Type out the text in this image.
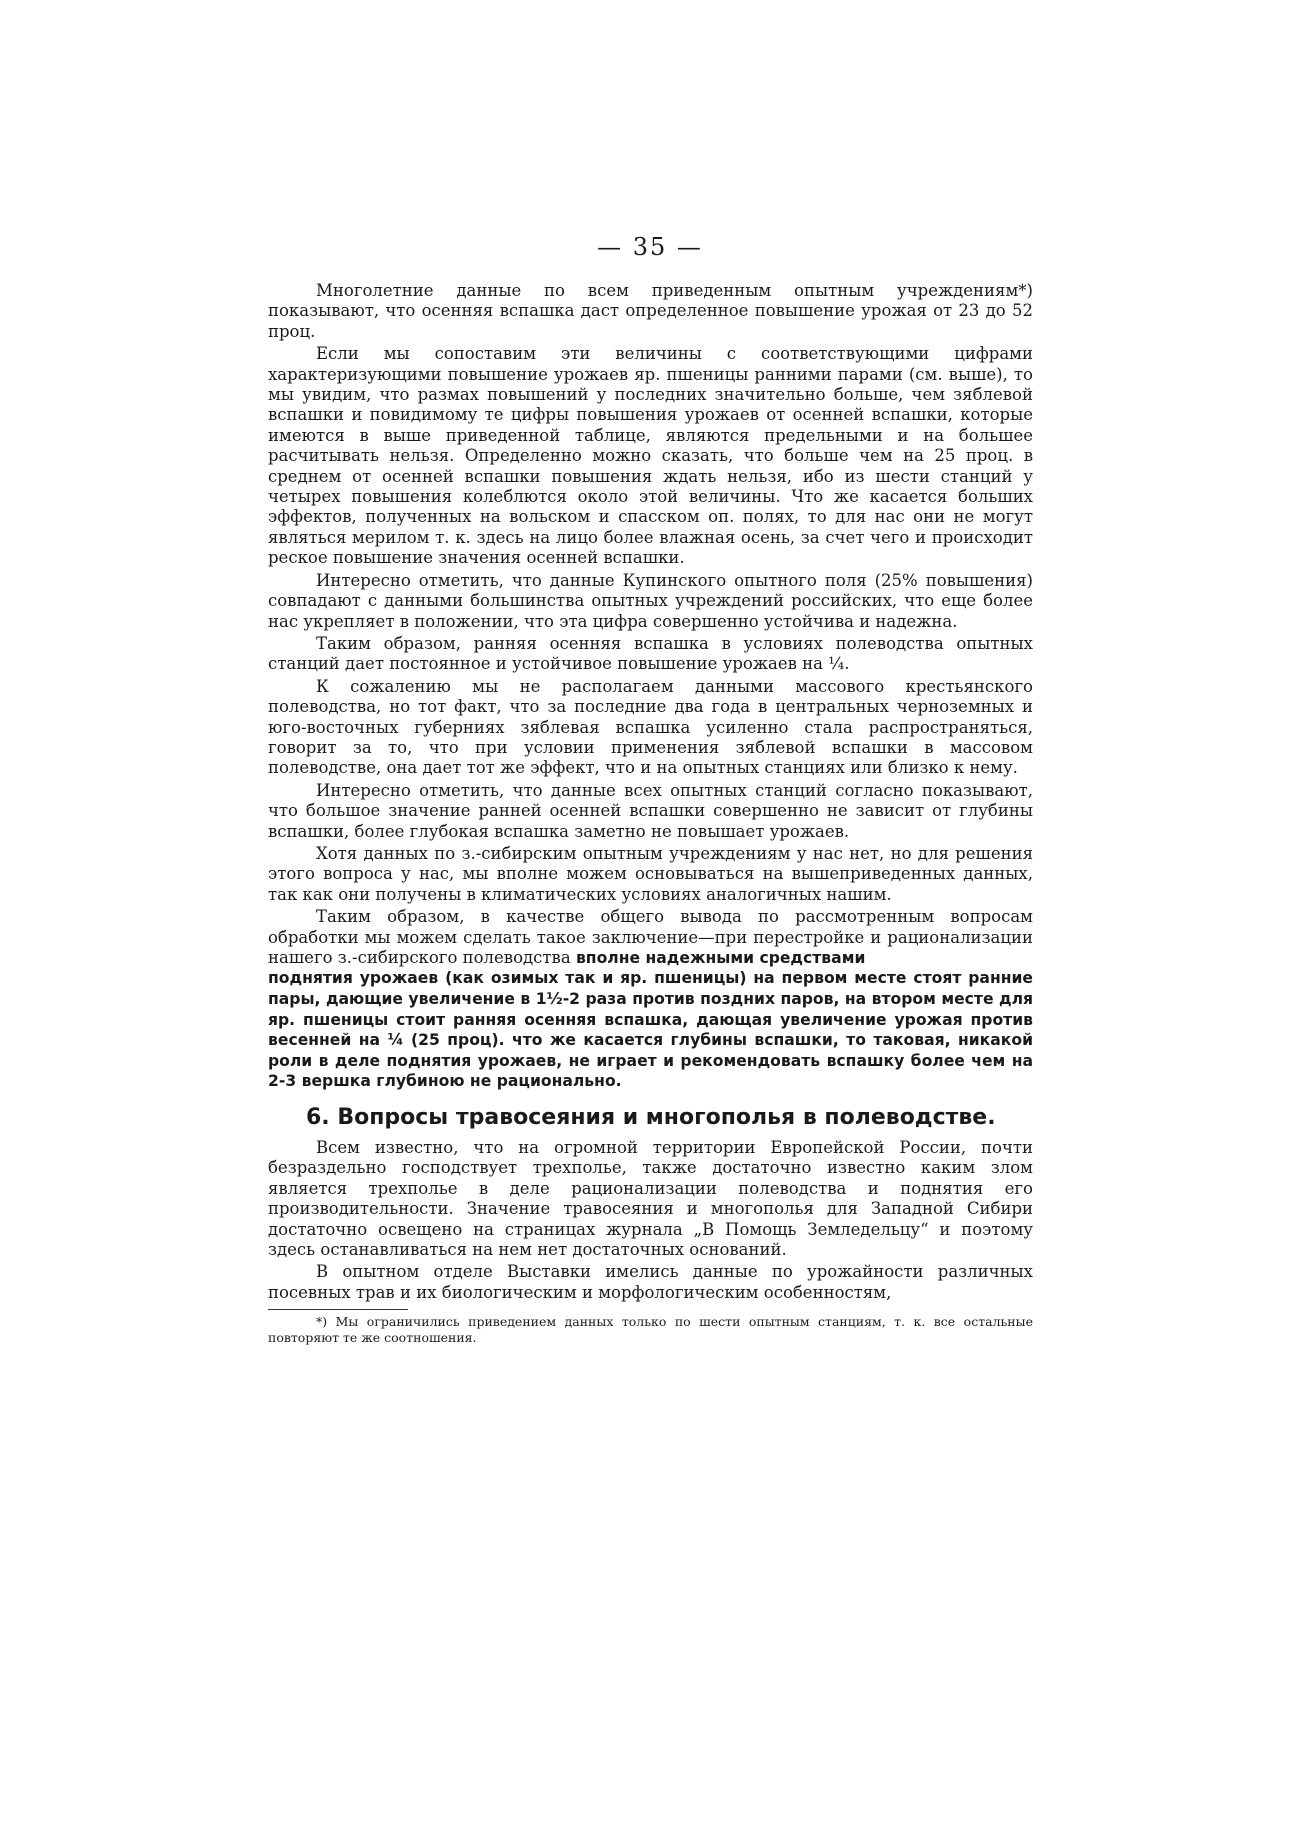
— 35 —

Многолетние данные по всем приведенным опытным учреждениям*) показывают, что осенняя вспашка даст определенное повышение урожая от 23 до 52 проц.

Если мы сопоставим эти величины с соответствующими цифрами характеризующими повышение урожаев яр. пшеницы ранними парами (см. выше), то мы увидим, что размах повышений у последних значительно больше, чем зяблевой вспашки и повидимому те цифры повышения урожаев от осенней вспашки, которые имеются в выше приведенной таблице, являются предельными и на большее расчитывать нельзя. Определенно можно сказать, что больше чем на 25 проц. в среднем от осенней вспашки повышения ждать нельзя, ибо из шести станций у четырех повышения колеблются около этой величины. Что же касается больших эффектов, полученных на вольском и спасском оп. полях, то для нас они не могут являться мерилом т. к. здесь на лицо более влажная осень, за счет чего и происходит реское повышение значения осенней вспашки.

Интересно отметить, что данные Купинского опытного поля (25% повышения) совпадают с данными большинства опытных учреждений российских, что еще более нас укрепляет в положении, что эта цифра совершенно устойчива и надежна.

Таким образом, ранняя осенняя вспашка в условиях полеводства опытных станций дает постоянное и устойчивое повышение урожаев на ¼.

К сожалению мы не располагаем данными массового крестьянского полеводства, но тот факт, что за последние два года в центральных черноземных и юго-восточных губерниях зяблевая вспашка усиленно стала распространяться, говорит за то, что при условии применения зяблевой вспашки в массовом полеводстве, она дает тот же эффект, что и на опытных станциях или близко к нему.

Интересно отметить, что данные всех опытных станций согласно показывают, что большое значение ранней осенней вспашки совершенно не зависит от глубины вспашки, более глубокая вспашка заметно не повышает урожаев.

Хотя данных по з.-сибирским опытным учреждениям у нас нет, но для решения этого вопроса у нас, мы вполне можем основываться на вышеприведенных данных, так как они получены в климатических условиях аналогичных нашим.

Таким образом, в качестве общего вывода по рассмотренным вопросам обработки мы можем сделать такое заключение—при перестройке и рационализации нашего з.-сибирского полеводства вполне надежными средствами

поднятия урожаев (как озимых так и яр. пшеницы) на первом месте стоят ранние пары, дающие увеличение в 1½-2 раза против поздних паров, на втором месте для яр. пшеницы стоит ранняя осенняя вспашка, дающая увеличение урожая против весенней на ¼ (25 проц). что же касается глубины вспашки, то таковая, никакой роли в деле поднятия урожаев, не играет и рекомендовать вспашку более чем на 2-3 вершка глубиною не рационально.

6. Вопросы травосеяния и многополья в полеводстве.

Всем известно, что на огромной территории Европейской России, почти безраздельно господствует трехполье, также достаточно известно каким злом является трехполье в деле рационализации полеводства и поднятия его производительности. Значение травосеяния и многополья для Западной Сибири достаточно освещено на страницах журнала „В Помощь Земледельцу“ и поэтому здесь останавливаться на нем нет достаточных оснований.

В опытном отделе Выставки имелись данные по урожайности различных посевных трав и их биологическим и морфологическим особенностям,

*) Мы ограничились приведением данных только по шести опытным станциям, т. к. все остальные повторяют те же соотношения.
